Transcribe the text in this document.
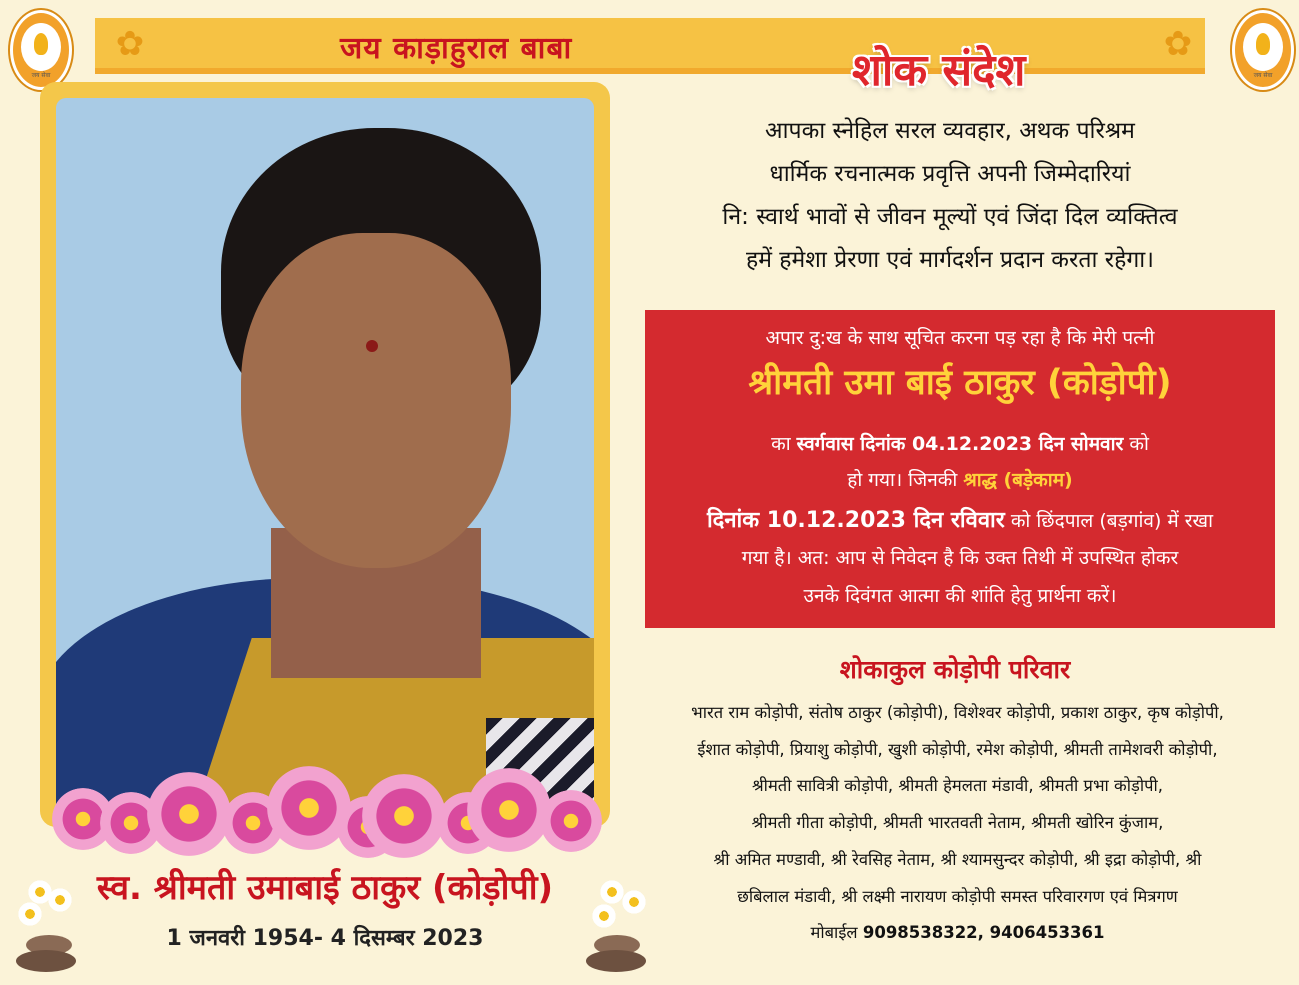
जय सेवा	जय सेवा
✿	✿
जय काड़ाहुराल बाबा	शोक संदेश
स्व. श्रीमती उमाबाई ठाकुर (कोड़ोपी)
1 जनवरी 1954- 4 दिसम्बर 2023
आपका स्नेहिल सरल व्यवहार, अथक परिश्रम
धार्मिक रचनात्मक प्रवृत्ति अपनी जिम्मेदारियां
नि: स्वार्थ भावों से जीवन मूल्यों एवं जिंदा दिल व्यक्तित्व
हमें हमेशा प्रेरणा एवं मार्गदर्शन प्रदान करता रहेगा।
अपार दु:ख के साथ सूचित करना पड़ रहा है कि मेरी पत्नी
श्रीमती उमा बाई ठाकुर (कोड़ोपी)
का स्वर्गवास दिनांक 04.12.2023 दिन सोमवार को
हो गया। जिनकी श्राद्ध (बड़ेकाम)
दिनांक 10.12.2023 दिन रविवार को छिंदपाल (बड़गांव) में रखा
गया है। अत: आप से निवेदन है कि उक्त तिथी में उपस्थित होकर
उनके दिवंगत आत्मा की शांति हेतु प्रार्थना करें।
शोकाकुल कोड़ोपी परिवार
भारत राम कोड़ोपी, संतोष ठाकुर (कोड़ोपी), विशेश्वर कोड़ोपी, प्रकाश ठाकुर, कृष कोड़ोपी,
ईशात कोड़ोपी, प्रियाशु कोड़ोपी, खुशी कोड़ोपी, रमेश कोड़ोपी, श्रीमती तामेशवरी कोड़ोपी,
श्रीमती सावित्री कोड़ोपी, श्रीमती हेमलता मंडावी, श्रीमती प्रभा कोड़ोपी,
श्रीमती गीता कोड़ोपी, श्रीमती भारतवती नेताम, श्रीमती खोरिन कुंजाम,
श्री अमित मण्डावी, श्री रेवसिह नेताम, श्री श्यामसुन्दर कोड़ोपी, श्री इद्रा कोड़ोपी, श्री
छबिलाल मंडावी, श्री लक्ष्मी नारायण कोड़ोपी समस्त परिवारगण एवं मित्रगण
मोबाईल 9098538322, 9406453361
